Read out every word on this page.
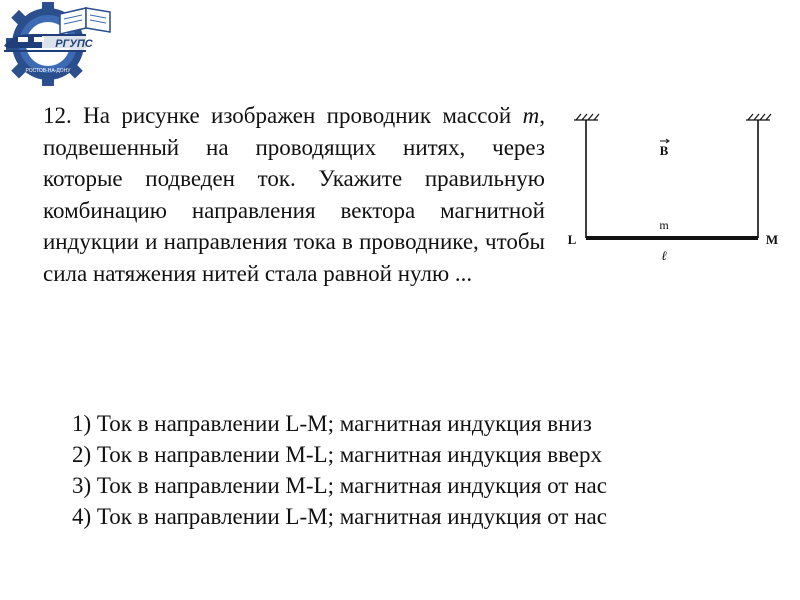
РГУПС
РОСТОВ-НА-ДОНУ
12. На рисунке изображен проводник массой m, подвешенный на проводящих нитях, через которые подведен ток. Укажите правильную комбинацию направления вектора магнитной индукции и направления тока в проводнике, чтобы сила натяжения нитей стала равной нулю ...
B
m
L	M
ℓ
1) Ток в направлении L-M; магнитная индукция вниз
2) Ток в направлении M-L; магнитная индукция вверх
3) Ток в направлении M-L; магнитная индукция от нас
4) Ток в направлении L-M; магнитная индукция от нас
